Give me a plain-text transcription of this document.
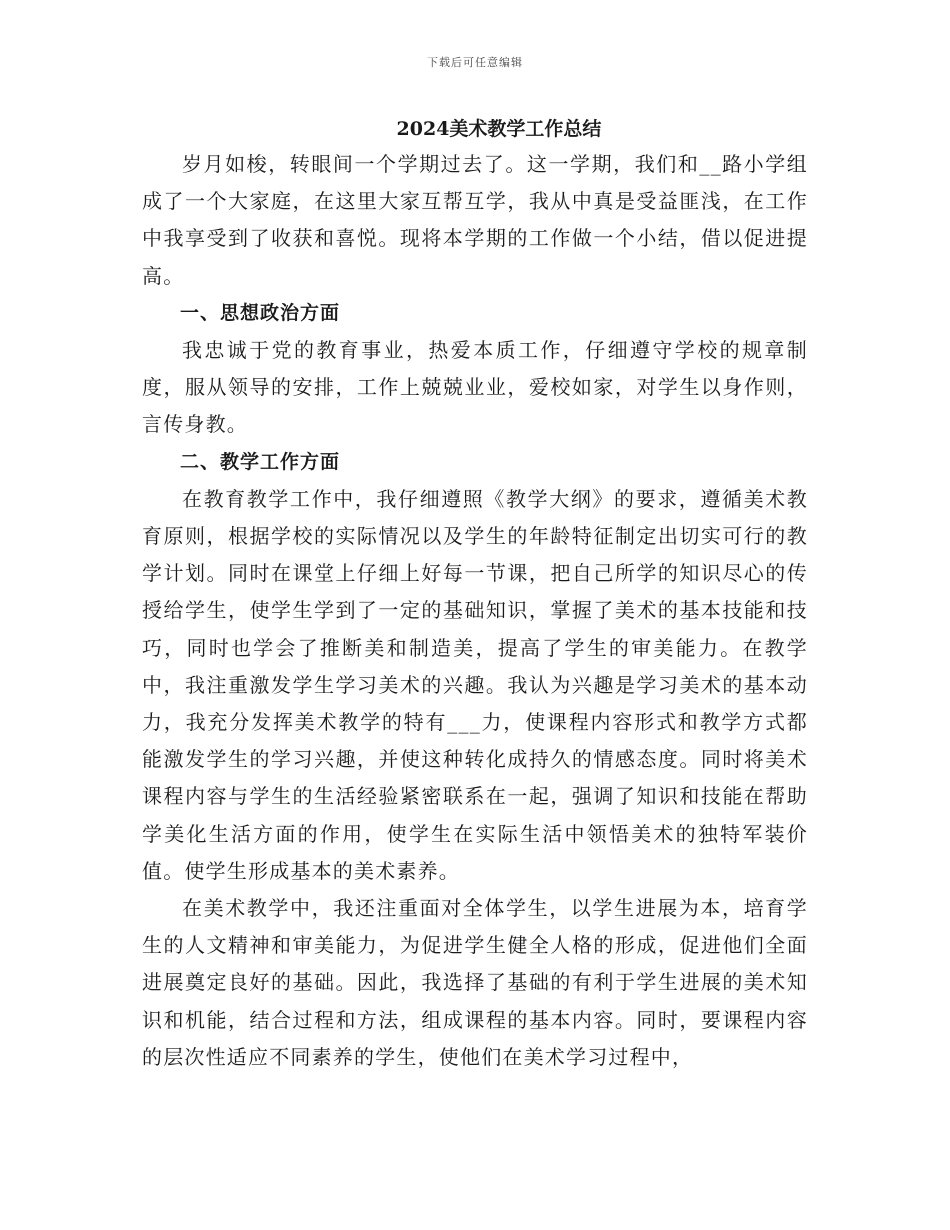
下载后可任意编辑
2024美术教学工作总结

岁月如梭，转眼间一个学期过去了。这一学期，我们和__路小学组成了一个大家庭，在这里大家互帮互学，我从中真是受益匪浅，在工作中我享受到了收获和喜悦。现将本学期的工作做一个小结，借以促进提高。

一、思想政治方面

我忠诚于党的教育事业，热爱本质工作，仔细遵守学校的规章制度，服从领导的安排，工作上兢兢业业，爱校如家，对学生以身作则，言传身教。

二、教学工作方面

在教育教学工作中，我仔细遵照《教学大纲》的要求，遵循美术教育原则，根据学校的实际情况以及学生的年龄特征制定出切实可行的教学计划。同时在课堂上仔细上好每一节课，把自己所学的知识尽心的传授给学生，使学生学到了一定的基础知识，掌握了美术的基本技能和技巧，同时也学会了推断美和制造美，提高了学生的审美能力。在教学中，我注重激发学生学习美术的兴趣。我认为兴趣是学习美术的基本动力，我充分发挥美术教学的特有___力，使课程内容形式和教学方式都能激发学生的学习兴趣，并使这种转化成持久的情感态度。同时将美术课程内容与学生的生活经验紧密联系在一起，强调了知识和技能在帮助学美化生活方面的作用，使学生在实际生活中领悟美术的独特军装价值。使学生形成基本的美术素养。

在美术教学中，我还注重面对全体学生，以学生进展为本，培育学生的人文精神和审美能力，为促进学生健全人格的形成，促进他们全面进展奠定良好的基础。因此，我选择了基础的有利于学生进展的美术知识和机能，结合过程和方法，组成课程的基本内容。同时，要课程内容的层次性适应不同素养的学生，使他们在美术学习过程中，
